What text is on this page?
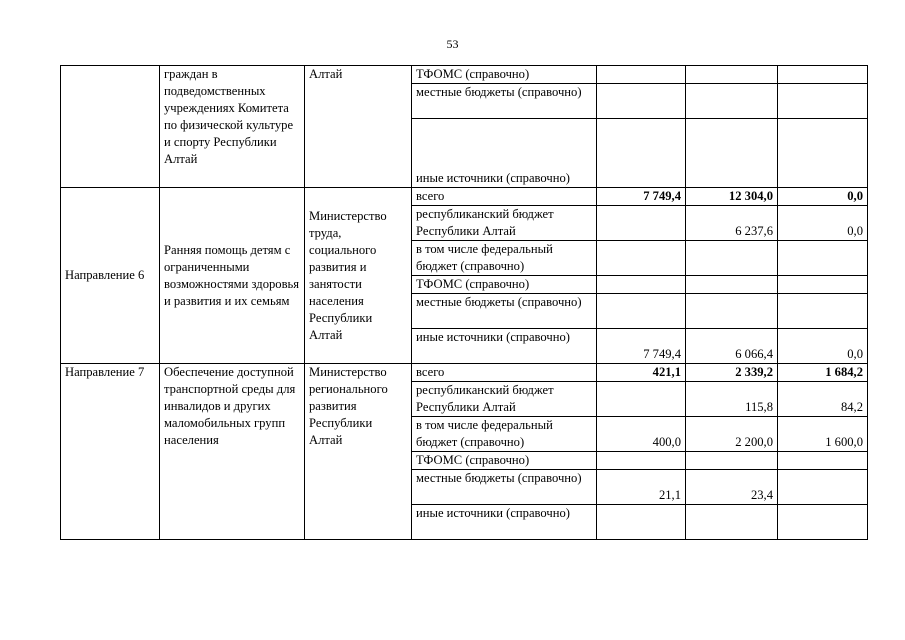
53
	граждан в подведомственных учреждениях Комитета по физической культуре и спорту Республики Алтай	Алтай	ТФОМС (справочно)			
			местные бюджеты (справочно)			
			иные источники (справочно)			
Направление 6	Ранняя помощь детям с ограниченными возможностями здоровья и развития и их семьям	Министерство труда, социального развития и занятости населения Республики Алтай	всего	7 749,4	12 304,0	0,0
			республиканский бюджет Республики Алтай		6 237,6	0,0
			в том числе федеральный бюджет (справочно)			
			ТФОМС (справочно)			
			местные бюджеты (справочно)			
			иные источники (справочно)	7 749,4	6 066,4	0,0
Направление 7	Обеспечение доступной транспортной среды для инвалидов и других маломобильных групп населения	Министерство регионального развития Республики Алтай	всего	421,1	2 339,2	1 684,2
			республиканский бюджет Республики Алтай		115,8	84,2
			в том числе федеральный бюджет (справочно)	400,0	2 200,0	1 600,0
			ТФОМС (справочно)			
			местные бюджеты (справочно)	21,1	23,4	
			иные источники (справочно)			
